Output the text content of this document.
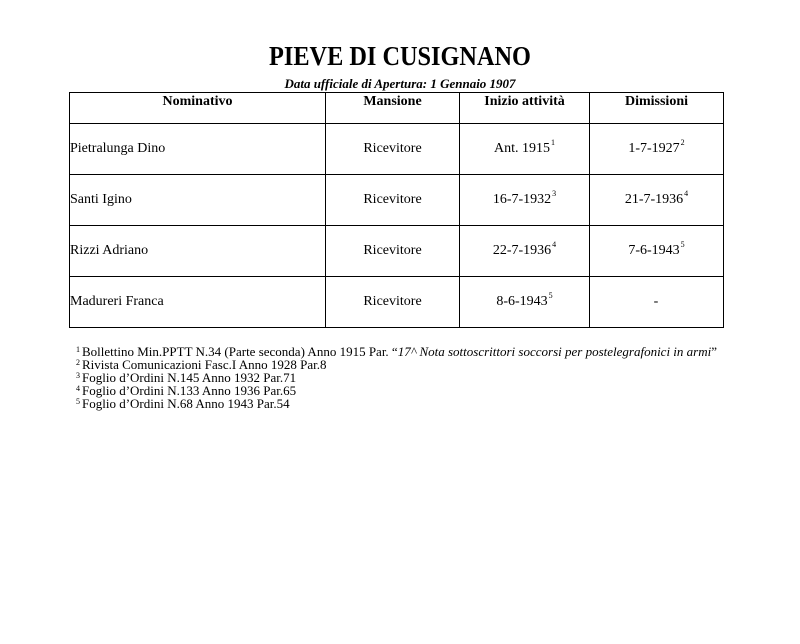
PIEVE DI CUSIGNANO
Data ufficiale di Apertura: 1 Gennaio 1907
Nominativo	Mansione	Inizio attività	Dimissioni
Pietralunga Dino	Ricevitore	Ant. 1915$^1$	1-7-1927$^2$
Santi Igino	Ricevitore	16-7-1932$^3$	21-7-1936$^4$
Rizzi Adriano	Ricevitore	22-7-1936$^4$	7-6-1943$^5$
Madureri Franca	Ricevitore	8-6-1943$^5$	-

$^1$ Bollettino Min.PPTT N.34 (Parte seconda) Anno 1915 Par. “17^ Nota sottoscrittori soccorsi per postelegrafonici in armi”

$^2$ Rivista Comunicazioni Fasc.I Anno 1928 Par.8

$^3$ Foglio d’Ordini N.145 Anno 1932 Par.71

$^4$ Foglio d’Ordini N.133 Anno 1936 Par.65

$^5$ Foglio d’Ordini N.68 Anno 1943 Par.54
